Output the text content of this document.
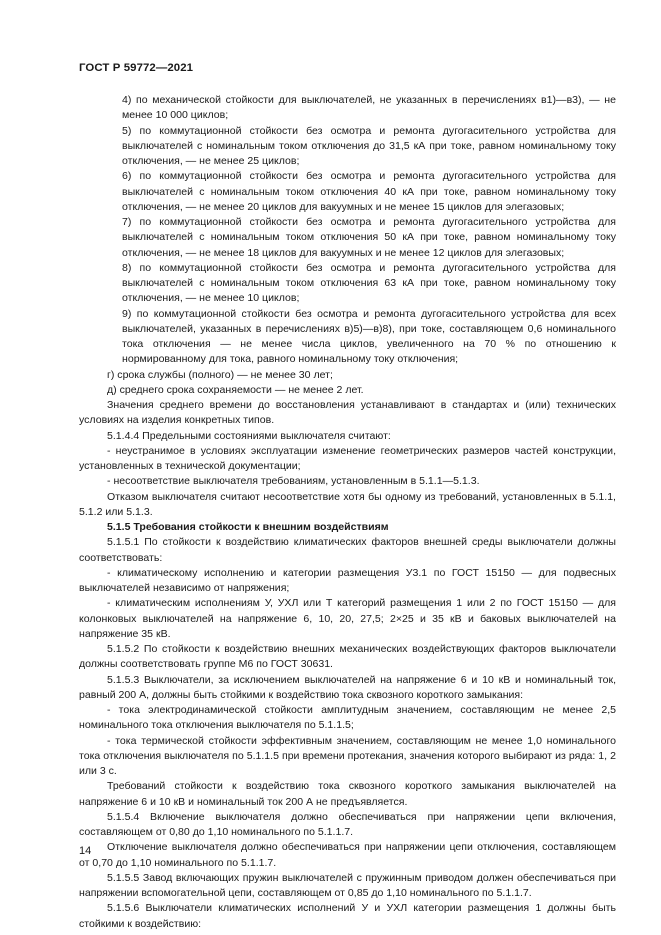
ГОСТ Р 59772—2021

4) по механической стойкости для выключателей, не указанных в перечислениях в1)—в3), — не менее 10 000 циклов;

5) по коммутационной стойкости без осмотра и ремонта дугогасительного устройства для выключателей с номинальным током отключения до 31,5 кА при токе, равном номинальному току отключения, — не менее 25 циклов;

6) по коммутационной стойкости без осмотра и ремонта дугогасительного устройства для выключателей с номинальным током отключения 40 кА при токе, равном номинальному току отключения, — не менее 20 циклов для вакуумных и не менее 15 циклов для элегазовых;

7) по коммутационной стойкости без осмотра и ремонта дугогасительного устройства для выключателей с номинальным током отключения 50 кА при токе, равном номинальному току отключения, — не менее 18 циклов для вакуумных и не менее 12 циклов для элегазовых;

8) по коммутационной стойкости без осмотра и ремонта дугогасительного устройства для выключателей с номинальным током отключения 63 кА при токе, равном номинальному току отключения, — не менее 10 циклов;

9) по коммутационной стойкости без осмотра и ремонта дугогасительного устройства для всех выключателей, указанных в перечислениях в)5)—в)8), при токе, составляющем 0,6 номинального тока отключения — не менее числа циклов, увеличенного на 70 % по отношению к нормированному для тока, равного номинальному току отключения;

г) срока службы (полного) — не менее 30 лет;

д) среднего срока сохраняемости — не менее 2 лет.

Значения среднего времени до восстановления устанавливают в стандартах и (или) технических условиях на изделия конкретных типов.

5.1.4.4 Предельными состояниями выключателя считают:

- неустранимое в условиях эксплуатации изменение геометрических размеров частей конструкции, установленных в технической документации;

- несоответствие выключателя требованиям, установленным в 5.1.1—5.1.3.

Отказом выключателя считают несоответствие хотя бы одному из требований, установленных в 5.1.1, 5.1.2 или 5.1.3.

5.1.5 Требования стойкости к внешним воздействиям

5.1.5.1 По стойкости к воздействию климатических факторов внешней среды выключатели должны соответствовать:

- климатическому исполнению и категории размещения У3.1 по ГОСТ 15150 — для подвесных выключателей независимо от напряжения;

- климатическим исполнениям У, УХЛ или Т категорий размещения 1 или 2 по ГОСТ 15150 — для колонковых выключателей на напряжение 6, 10, 20, 27,5; 2×25 и 35 кВ и баковых выключателей на напряжение 35 кВ.

5.1.5.2 По стойкости к воздействию внешних механических воздействующих факторов выключатели должны соответствовать группе М6 по ГОСТ 30631.

5.1.5.3 Выключатели, за исключением выключателей на напряжение 6 и 10 кВ и номинальный ток, равный 200 А, должны быть стойкими к воздействию тока сквозного короткого замыкания:

- тока электродинамической стойкости амплитудным значением, составляющим не менее 2,5 номинального тока отключения выключателя по 5.1.1.5;

- тока термической стойкости эффективным значением, составляющим не менее 1,0 номинального тока отключения выключателя по 5.1.1.5 при времени протекания, значения которого выбирают из ряда: 1, 2 или 3 с.

Требований стойкости к воздействию тока сквозного короткого замыкания выключателей на напряжение 6 и 10 кВ и номинальный ток 200 А не предъявляется.

5.1.5.4 Включение выключателя должно обеспечиваться при напряжении цепи включения, составляющем от 0,80 до 1,10 номинального по 5.1.1.7.

Отключение выключателя должно обеспечиваться при напряжении цепи отключения, составляющем от 0,70 до 1,10 номинального по 5.1.1.7.

5.1.5.5 Завод включающих пружин выключателей с пружинным приводом должен обеспечиваться при напряжении вспомогательной цепи, составляющем от 0,85 до 1,10 номинального по 5.1.1.7.

5.1.5.6 Выключатели климатических исполнений У и УХЛ категории размещения 1 должны быть стойкими к воздействию:

14
